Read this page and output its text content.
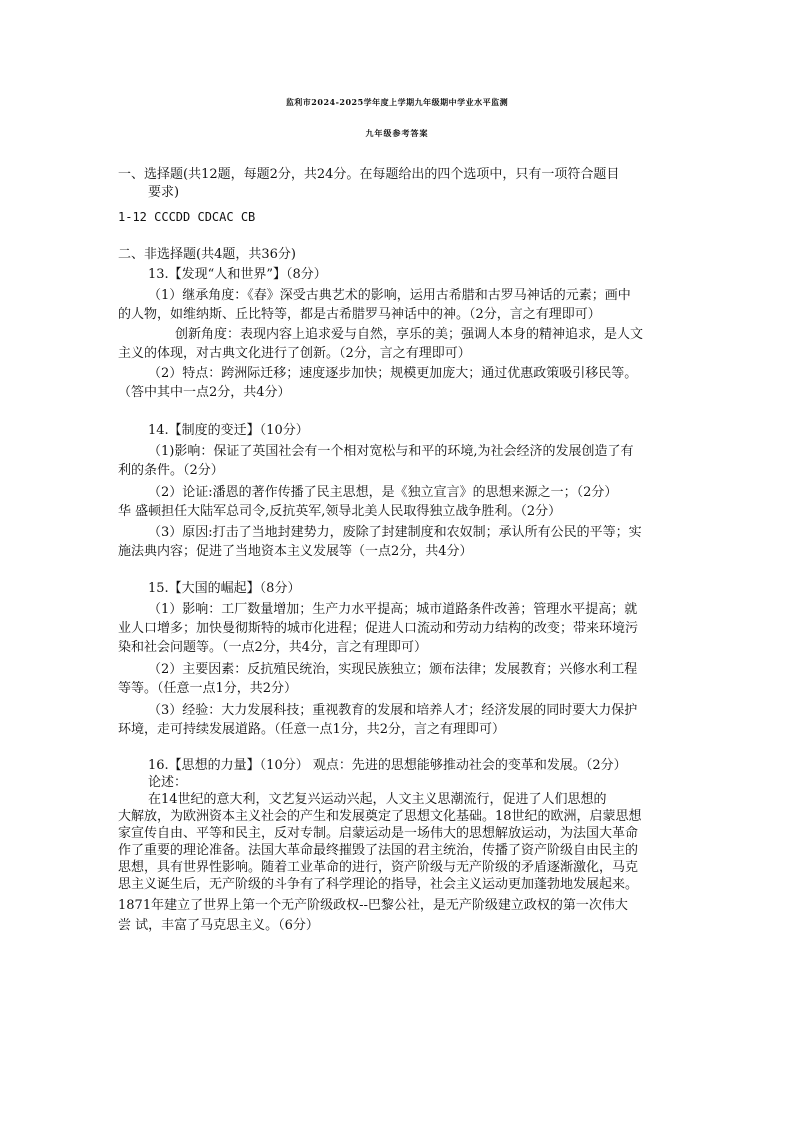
监利市2024-2025学年度上学期九年级期中学业水平监测
九年级参考答案
一、选择题(共12题，每题2分，共24分。在每题给出的四个选项中，只有一项符合题目
要求)
1-12 CCCDD CDCAC CB
二、非选择题(共4题，共36分)
13.【发现“人和世界”】（8分）
（1）继承角度：《春》深受古典艺术的影响，运用古希腊和古罗马神话的元素；画中
的人物，如维纳斯、丘比特等，都是古希腊罗马神话中的神。（2分，言之有理即可）
创新角度：表现内容上追求爱与自然，享乐的美；强调人本身的精神追求，是人文
主义的体现，对古典文化进行了创新。（2分，言之有理即可）
（2）特点：跨洲际迁移；速度逐步加快；规模更加庞大；通过优惠政策吸引移民等。
（答中其中一点2分，共4分）
14.【制度的变迁】（10分）
（1)影响：保证了英国社会有一个相对宽松与和平的环境,为社会经济的发展创造了有
利的条件。（2分）
（2）论证:潘恩的著作传播了民主思想，是《独立宣言》的思想来源之一；（2分）
华 盛顿担任大陆军总司令,反抗英军,领导北美人民取得独立战争胜利。（2分）
（3）原因:打击了当地封建势力，废除了封建制度和农奴制；承认所有公民的平等；实
施法典内容；促进了当地资本主义发展等（一点2分，共4分）
15.【大国的崛起】（8分）
（1）影响：工厂数量增加；生产力水平提高；城市道路条件改善；管理水平提高；就
业人口增多；加快曼彻斯特的城市化进程；促进人口流动和劳动力结构的改变；带来环境污
染和社会问题等。（一点2分，共4分，言之有理即可）
（2）主要因素：反抗殖民统治，实现民族独立；颁布法律；发展教育；兴修水利工程
等等。（任意一点1分，共2分）
（3）经验：大力发展科技；重视教育的发展和培养人才；经济发展的同时要大力保护
环境，走可持续发展道路。（任意一点1分，共2分，言之有理即可）
16.【思想的力量】（10分） 观点：先进的思想能够推动社会的变革和发展。（2分）
论述：
在14世纪的意大利，文艺复兴运动兴起，人文主义思潮流行，促进了人们思想的
大解放，为欧洲资本主义社会的产生和发展奠定了思想文化基础。18世纪的欧洲，启蒙思想
家宣传自由、平等和民主，反对专制。启蒙运动是一场伟大的思想解放运动，为法国大革命
作了重要的理论准备。法国大革命最终摧毁了法国的君主统治，传播了资产阶级自由民主的
思想，具有世界性影响。随着工业革命的进行，资产阶级与无产阶级的矛盾逐渐激化，马克
思主义诞生后，无产阶级的斗争有了科学理论的指导，社会主义运动更加蓬勃地发展起来。
1871年建立了世界上第一个无产阶级政权--巴黎公社，是无产阶级建立政权的第一次伟大
尝 试，丰富了马克思主义。（6分）
